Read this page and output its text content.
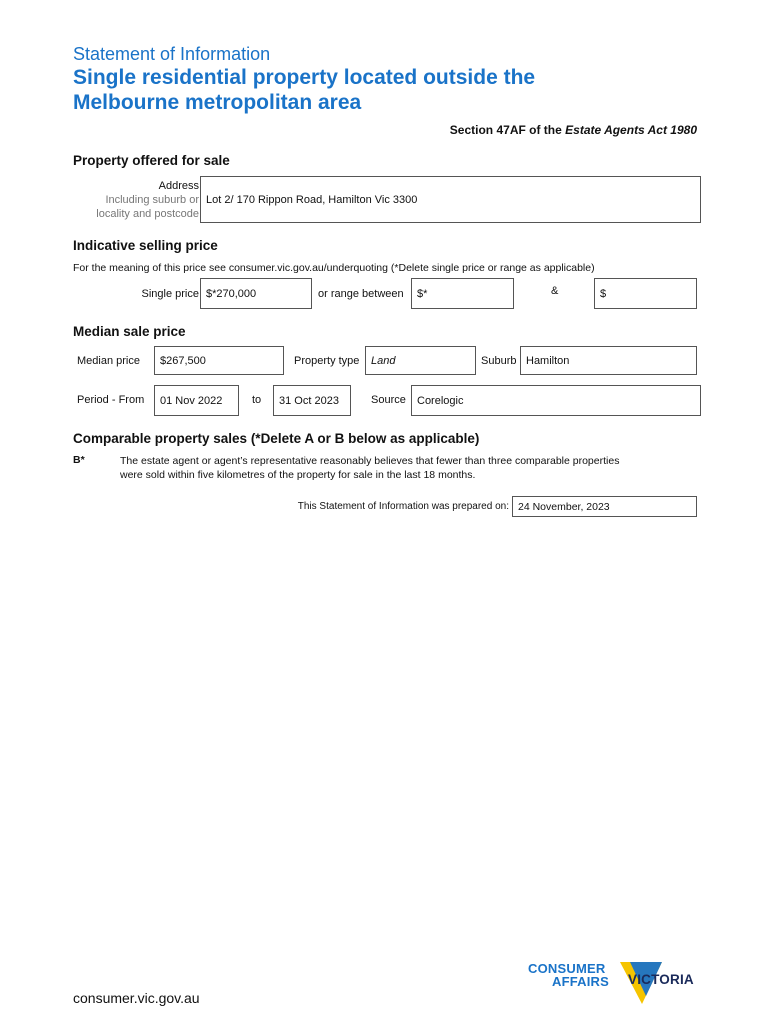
Statement of Information
Single residential property located outside the
Melbourne metropolitan area
Section 47AF of the Estate Agents Act 1980
Property offered for sale
Address
Including suburb or
locality and postcode
Lot 2/ 170 Rippon Road, Hamilton Vic 3300
Indicative selling price
For the meaning of this price see consumer.vic.gov.au/underquoting (*Delete single price or range as applicable)
Single price $*270,000	or range between	$*	&	$
Median sale price
Median price	$267,500	Property type Land	Suburb Hamilton
Period - From	01 Nov 2022	to	31 Oct 2023	Source	Corelogic
Comparable property sales (*Delete A or B below as applicable)
B*	The estate agent or agent’s representative reasonably believes that fewer than three comparable properties
were sold within five kilometres of the property for sale in the last 18 months.
This Statement of Information was prepared on: 24 November, 2023
consumer.vic.gov.au
CONSUMER
AFFAIRS VICTORIA
